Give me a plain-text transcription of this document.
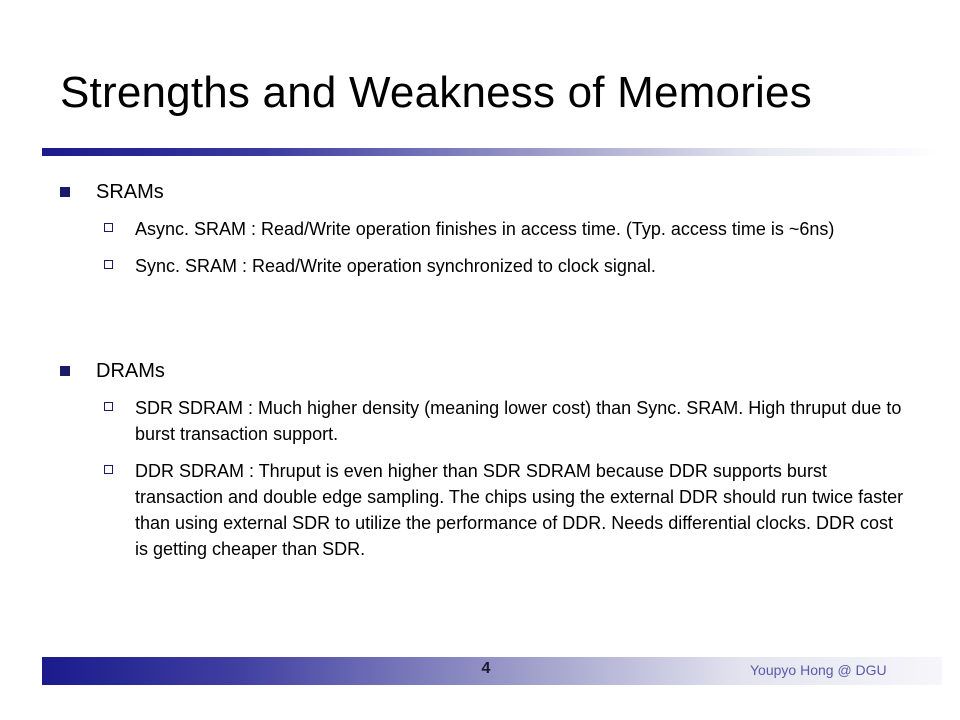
Strengths and Weakness of Memories
SRAMs
Async. SRAM : Read/Write operation finishes in access time. (Typ. access time is ~6ns)
Sync. SRAM : Read/Write operation synchronized to clock signal.
DRAMs
SDR SDRAM : Much higher density (meaning lower cost) than Sync. SRAM. High thruput due to burst transaction support.
DDR SDRAM : Thruput is even higher than SDR SDRAM because DDR supports burst transaction and double edge sampling. The chips using the external DDR should run twice faster than using external SDR to utilize the performance of DDR. Needs differential clocks. DDR cost is getting cheaper than SDR.
4	Youpyo Hong @ DGU
